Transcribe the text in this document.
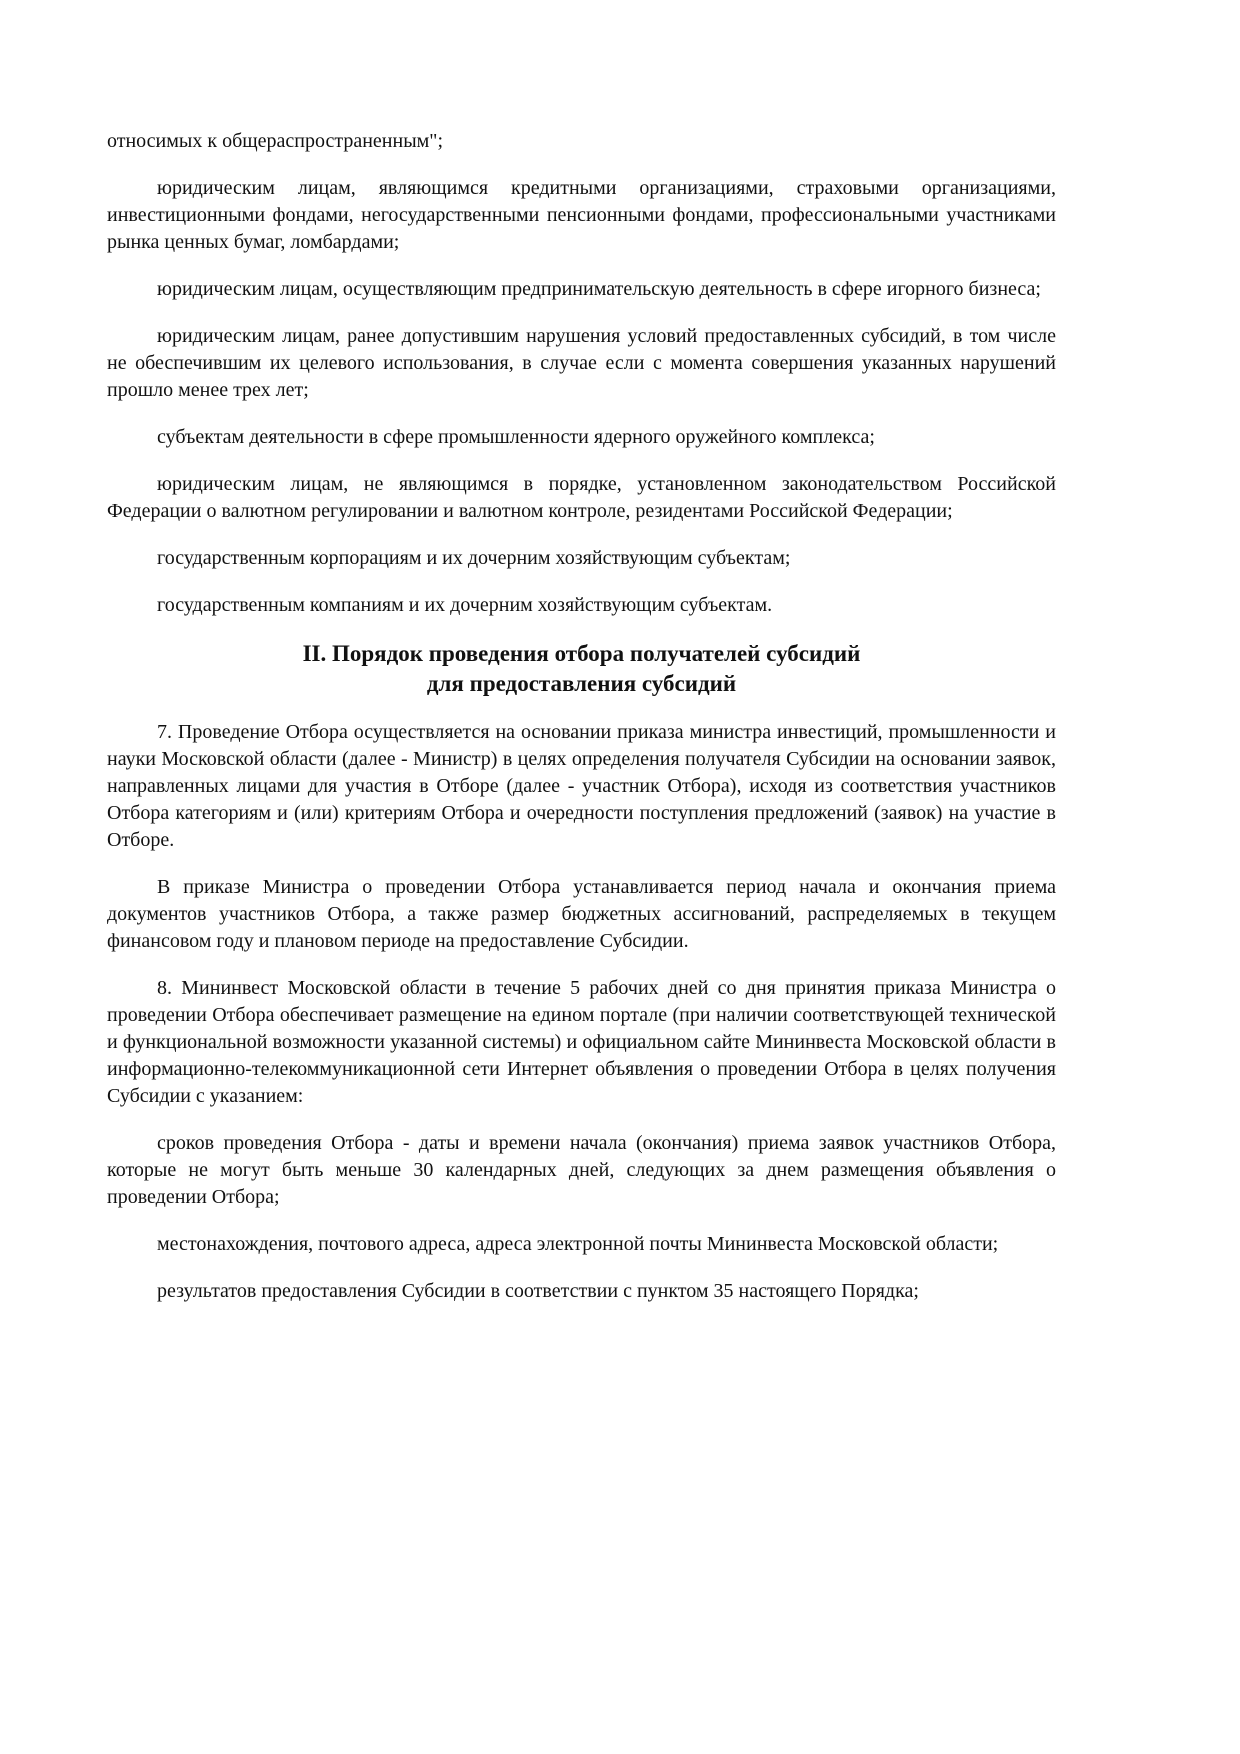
относимых к общераспространенным";

юридическим лицам, являющимся кредитными организациями, страховыми организациями, инвестиционными фондами, негосударственными пенсионными фондами, профессиональными участниками рынка ценных бумаг, ломбардами;

юридическим лицам, осуществляющим предпринимательскую деятельность в сфере игорного бизнеса;

юридическим лицам, ранее допустившим нарушения условий предоставленных субсидий, в том числе не обеспечившим их целевого использования, в случае если с момента совершения указанных нарушений прошло менее трех лет;

субъектам деятельности в сфере промышленности ядерного оружейного комплекса;

юридическим лицам, не являющимся в порядке, установленном законодательством Российской Федерации о валютном регулировании и валютном контроле, резидентами Российской Федерации;

государственным корпорациям и их дочерним хозяйствующим субъектам;

государственным компаниям и их дочерним хозяйствующим субъектам.

II. Порядок проведения отбора получателей субсидий
для предоставления субсидий

7. Проведение Отбора осуществляется на основании приказа министра инвестиций, промышленности и науки Московской области (далее - Министр) в целях определения получателя Субсидии на основании заявок, направленных лицами для участия в Отборе (далее - участник Отбора), исходя из соответствия участников Отбора категориям и (или) критериям Отбора и очередности поступления предложений (заявок) на участие в Отборе.

В приказе Министра о проведении Отбора устанавливается период начала и окончания приема документов участников Отбора, а также размер бюджетных ассигнований, распределяемых в текущем финансовом году и плановом периоде на предоставление Субсидии.

8. Мининвест Московской области в течение 5 рабочих дней со дня принятия приказа Министра о проведении Отбора обеспечивает размещение на едином портале (при наличии соответствующей технической и функциональной возможности указанной системы) и официальном сайте Мининвеста Московской области в информационно-телекоммуникационной сети Интернет объявления о проведении Отбора в целях получения Субсидии с указанием:

сроков проведения Отбора - даты и времени начала (окончания) приема заявок участников Отбора, которые не могут быть меньше 30 календарных дней, следующих за днем размещения объявления о проведении Отбора;

местонахождения, почтового адреса, адреса электронной почты Мининвеста Московской области;

результатов предоставления Субсидии в соответствии с пунктом 35 настоящего Порядка;
